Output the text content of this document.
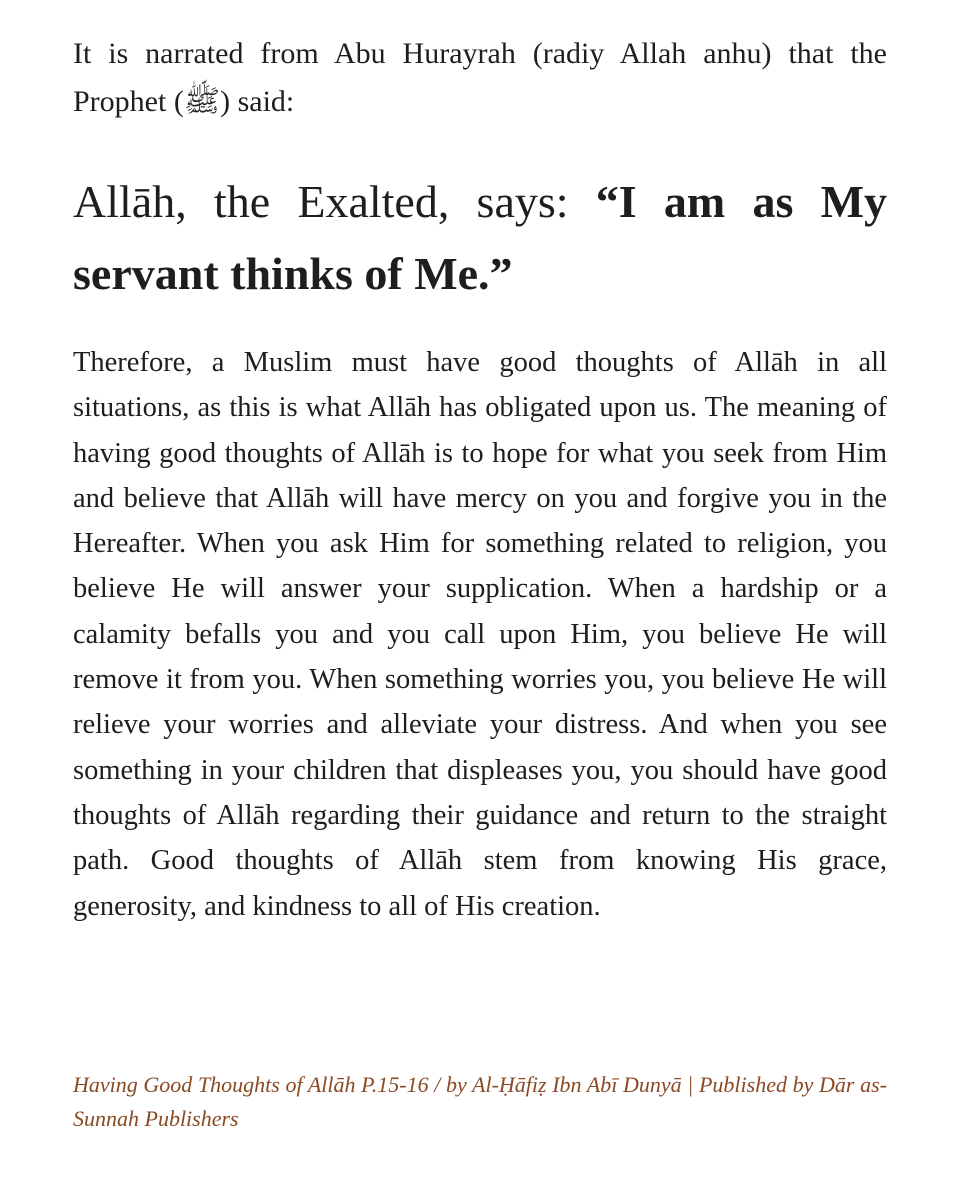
It is narrated from Abu Hurayrah (radiy Allah anhu) that the Prophet (ﷺ) said:

Allāh, the Exalted, says: “I am as My servant thinks of Me.”

Therefore, a Muslim must have good thoughts of Allāh in all situations, as this is what Allāh has obligated upon us. The meaning of having good thoughts of Allāh is to hope for what you seek from Him and believe that Allāh will have mercy on you and forgive you in the Hereafter. When you ask Him for something related to religion, you believe He will answer your supplication. When a hardship or a calamity befalls you and you call upon Him, you believe He will remove it from you. When something worries you, you believe He will relieve your worries and alleviate your distress. And when you see something in your children that displeases you, you should have good thoughts of Allāh regarding their guidance and return to the straight path. Good thoughts of Allāh stem from knowing His grace, generosity, and kindness to all of His creation.

Having Good Thoughts of Allāh P.15-16 / by Al-Ḥāfiẓ Ibn Abī Dunyā | Published by Dār as-Sunnah Publishers
